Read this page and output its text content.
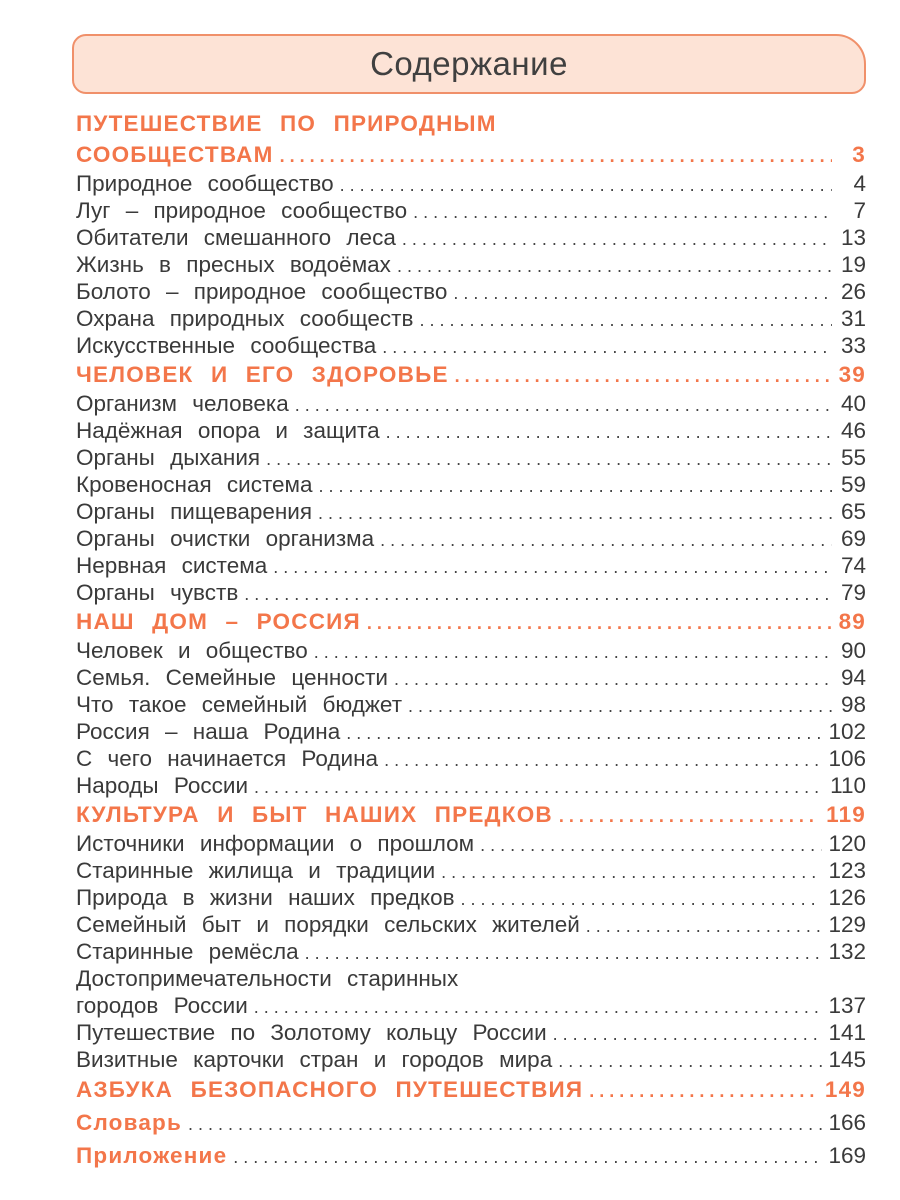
Содержание
ПУТЕШЕСТВИЕ ПО ПРИРОДНЫМ
СООБЩЕСТВАМ . . .	3
Природное сообщество . . .	4
Луг – природное сообщество . . .	7
Обитатели смешанного леса . . .	13
Жизнь в пресных водоёмах . . .	19
Болото – природное сообщество . . .	26
Охрана природных сообществ . . .	31
Искусственные сообщества . . .	33
ЧЕЛОВЕК И ЕГО ЗДОРОВЬЕ . . .	39
Организм человека . . .	40
Надёжная опора и защита . . .	46
Органы дыхания . . .	55
Кровеносная система . . .	59
Органы пищеварения . . .	65
Органы очистки организма . . .	69
Нервная система . . .	74
Органы чувств . . .	79
НАШ ДОМ – РОССИЯ . . .	89
Человек и общество . . .	90
Семья. Семейные ценности . . .	94
Что такое семейный бюджет . . .	98
Россия – наша Родина . . .	102
С чего начинается Родина . . .	106
Народы России . . .	110
КУЛЬТУРА И БЫТ НАШИХ ПРЕДКОВ . . .	119
Источники информации о прошлом . . .	120
Старинные жилища и традиции . . .	123
Природа в жизни наших предков . . .	126
Семейный быт и порядки сельских жителей . . .	129
Старинные ремёсла . . .	132
Достопримечательности старинных
городов России . . .	137
Путешествие по Золотому кольцу России . . .	141
Визитные карточки стран и городов мира . . .	145
АЗБУКА БЕЗОПАСНОГО ПУТЕШЕСТВИЯ . . .	149
Словарь . . .	166
Приложение . . .	169
